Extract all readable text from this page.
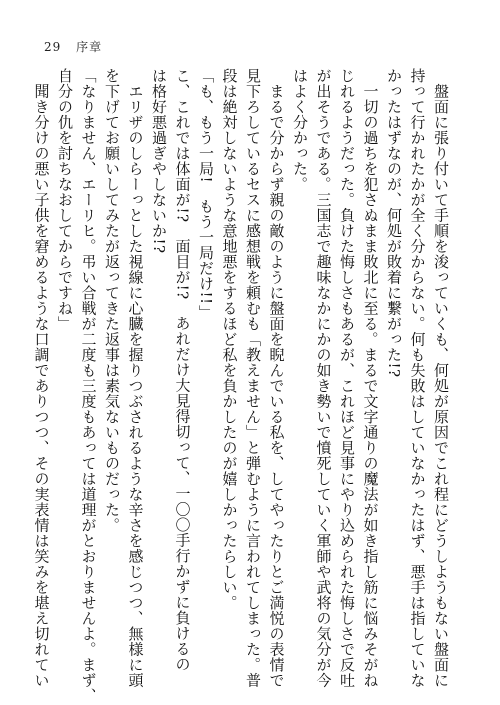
29 序章

　盤面に張り付いて手順を浚っていくも、何処が原因でこれ程にどうしようもない盤面に

持って行かれたかが全く分からない。何も失敗はしていなかったはず、悪手は指していな

かったはずなのが、何処が敗着に繋がった!?

　一切の過ちを犯さぬまま敗北に至る。まるで文字通りの魔法が如き指し筋に悩みそがね

じれるようだった。負けた悔しさもあるが、これほど見事にやり込められた悔しさで反吐

が出そうである。三国志で趣味なかにかの如き勢いで憤死していく軍師や武将の気分が今

はよく分かった。

　まるで分からず親の敵のように盤面を睨んでいる私を、してやったりとご満悦の表情で

見下ろしているセスに感想戦を頼むも「教えません」と弾むように言われてしまった。普

段は絶対しないような意地悪をするほど私を負かしたのが嬉しかったらしい。

「も、もう一局!　もう一局だけ!!」

こ、これでは体面が!?　面目が!?　あれだけ大見得切って、一〇〇手行かずに負けるの

は格好悪過ぎやしないか!?

　エリザのしらーっとした視線に心臓を握りつぶされるような辛さを感じつつ、無様に頭

を下げてお願いしてみたが返ってきた返事は素気ないものだった。

「なりません、エーリヒ。弔い合戦が二度も三度もあっては道理がとおりませんよ。まず、

自分の仇を討ちなおしてからですね」

　聞き分けの悪い子供を窘めるような口調でありつつ、その実表情は笑みを堪え切れてい
